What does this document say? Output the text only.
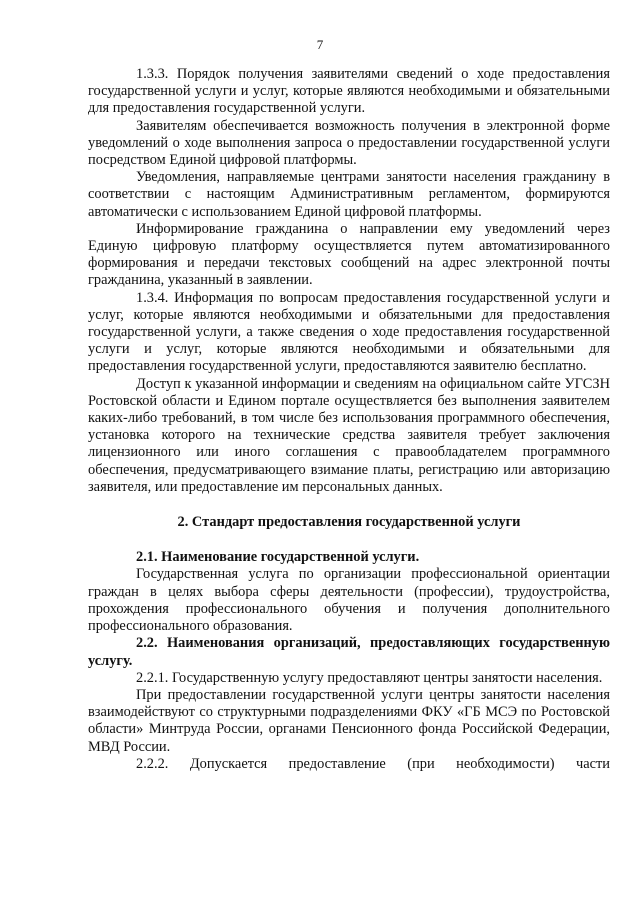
7

1.3.3. Порядок получения заявителями сведений о ходе предоставления государственной услуги и услуг, которые являются необходимыми и обязательными для предоставления государственной услуги.

Заявителям обеспечивается возможность получения в электронной форме уведомлений о ходе выполнения запроса о предоставлении государственной услуги посредством Единой цифровой платформы.

Уведомления, направляемые центрами занятости населения гражданину в соответствии с настоящим Административным регламентом, формируются автоматически с использованием Единой цифровой платформы.

Информирование гражданина о направлении ему уведомлений через Единую цифровую платформу осуществляется путем автоматизированного формирования и передачи текстовых сообщений на адрес электронной почты гражданина, указанный в заявлении.

1.3.4. Информация по вопросам предоставления государственной услуги и услуг, которые являются необходимыми и обязательными для предоставления государственной услуги, а также сведения о ходе предоставления государственной услуги и услуг, которые являются необходимыми и обязательными для предоставления государственной услуги, предоставляются заявителю бесплатно.

Доступ к указанной информации и сведениям на официальном сайте УГСЗН Ростовской области и Едином портале осуществляется без выполнения заявителем каких-либо требований, в том числе без использования программного обеспечения, установка которого на технические средства заявителя требует заключения лицензионного или иного соглашения с правообладателем программного обеспечения, предусматривающего взимание платы, регистрацию или авторизацию заявителя, или предоставление им персональных данных.

2. Стандарт предоставления государственной услуги

2.1. Наименование государственной услуги.

Государственная услуга по организации профессиональной ориентации граждан в целях выбора сферы деятельности (профессии), трудоустройства, прохождения профессионального обучения и получения дополнительного профессионального образования.

2.2. Наименования организаций, предоставляющих государственную услугу.

2.2.1. Государственную услугу предоставляют центры занятости населения.

При предоставлении государственной услуги центры занятости населения взаимодействуют со структурными подразделениями ФКУ «ГБ МСЭ по Ростовской области» Минтруда России, органами Пенсионного фонда Российской Федерации, МВД России.

2.2.2. Допускается предоставление (при необходимости) части
